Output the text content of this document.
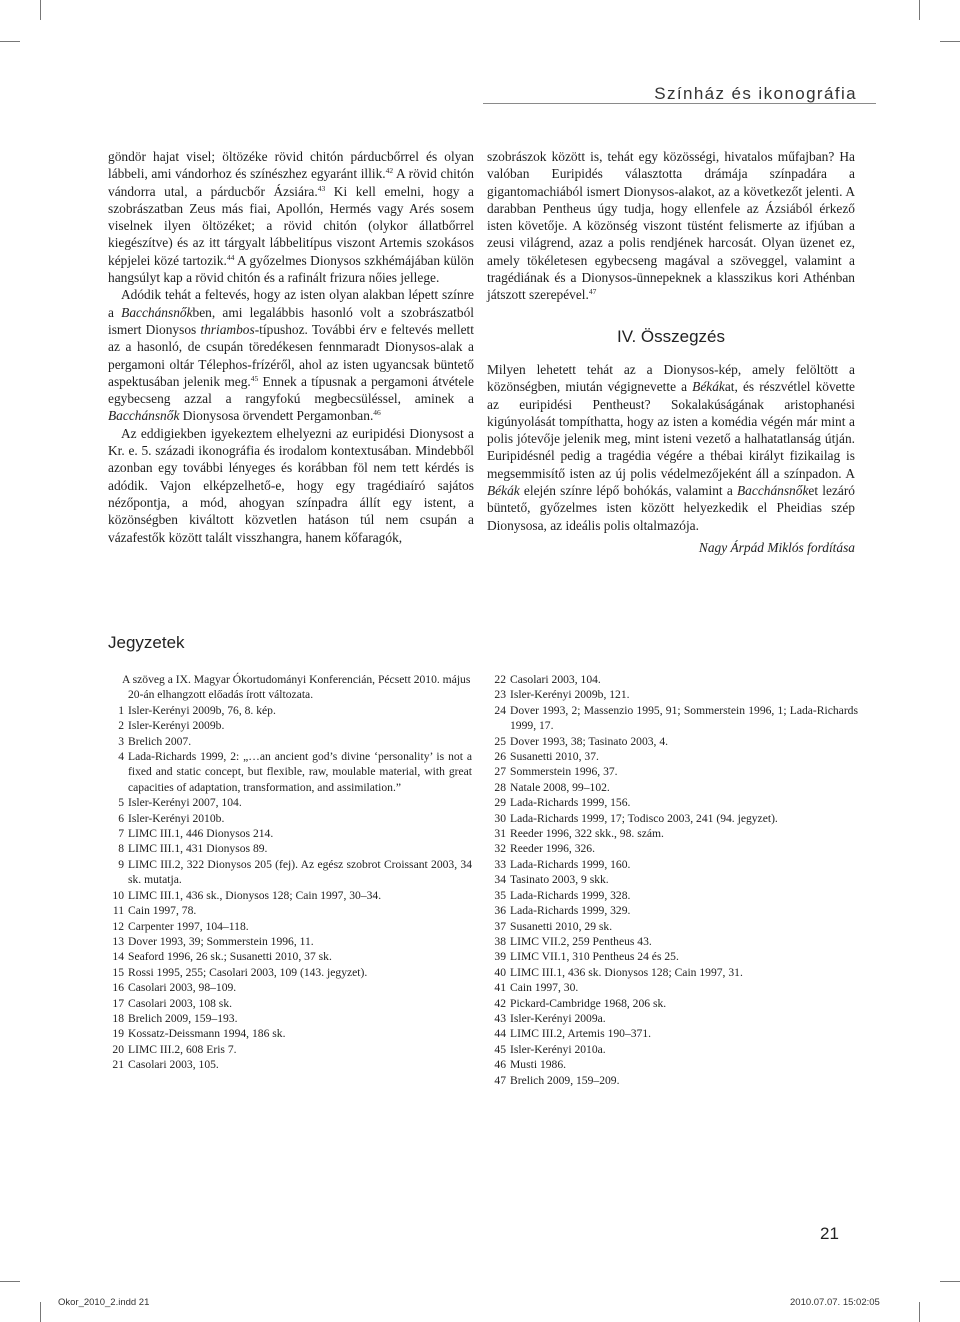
Színház és ikonográfia

göndör hajat visel; öltözéke rövid chitón párducbőrrel és olyan lábbeli, ami vándorhoz és színészhez egyaránt illik.$^{42}$ A rövid chitón vándorra utal, a párducbőr Ázsiára.$^{43}$ Ki kell emelni, hogy a szobrászatban Zeus más fiai, Apollón, Hermés vagy Arés sosem viselnek ilyen öltözéket; a rövid chitón (olykor állatbőrrel kiegészítve) és az itt tárgyalt lábbelitípus viszont Artemis szokásos képjelei közé tartozik.$^{44}$ A győzelmes Dionysos szkhémájában külön hangsúlyt kap a rövid chitón és a rafinált frizura nőies jellege.

Adódik tehát a feltevés, hogy az isten olyan alakban lépett színre a Bacchánsnőkben, ami legalábbis hasonló volt a szobrászatból ismert Dionysos thriambos-típushoz. További érv e feltevés mellett az a hasonló, de csupán töredékesen fennmaradt Dionysos-alak a pergamoni oltár Télephos-frízéről, ahol az isten ugyancsak büntető aspektusában jelenik meg.$^{45}$ Ennek a típusnak a pergamoni átvétele egybecseng azzal a rangyfokú megbecsüléssel, aminek a Bacchánsnők Dionysosa örvendett Pergamonban.$^{46}$

Az eddigiekben igyekeztem elhelyezni az euripidési Dionysost a Kr. e. 5. századi ikonográfia és irodalom kontextusában. Mindebből azonban egy további lényeges és korábban föl nem tett kérdés is adódik. Vajon elképzelhető-e, hogy egy tragédiaíró sajátos nézőpontja, a mód, ahogyan színpadra állít egy istent, a közönségben kiváltott közvetlen hatáson túl nem csupán a vázafestők között talált visszhangra, hanem kőfaragók,

szobrászok között is, tehát egy közösségi, hivatalos műfajban? Ha valóban Euripidés választotta drámája színpadára a gigantomachiából ismert Dionysos-alakot, az a következőt jelenti. A darabban Pentheus úgy tudja, hogy ellenfele az Ázsiából érkező isten követője. A közönség viszont tüstént felismerte az ifjúban a zeusi világrend, azaz a polis rendjének harcosát. Olyan üzenet ez, amely tökéletesen egybecseng magával a szöveggel, valamint a tragédiának és a Dionysos-ünnepeknek a klasszikus kori Athénban játszott szerepével.$^{47}$

IV. Összegzés

Milyen lehetett tehát az a Dionysos-kép, amely felöltött a közönségben, miután végignevette a Békákat, és részvétlel követte az euripidési Pentheust? Sokalakúságának aristophanési kigúnyolását tompíthatta, hogy az isten a komédia végén már mint a polis jótevője jelenik meg, mint isteni vezető a halhatatlanság útján. Euripidésnél pedig a tragédia végére a thébai királyt fizikailag is megsemmisítő isten az új polis védelmezőjeként áll a színpadon. A Békák elején színre lépő bohókás, valamint a Bacchánsnőket lezáró büntető, győzelmes isten között helyezkedik el Pheidias szép Dionysosa, az ideális polis oltalmazója.

Nagy Árpád Miklós fordítása
Jegyzetek
A szöveg a IX. Magyar Ókortudományi Konferencián, Pécsett 2010. május 20-án elhangzott előadás írott változata.
1 Isler-Kerényi 2009b, 76, 8. kép.
2 Isler-Kerényi 2009b.
3 Brelich 2007.
4 Lada-Richards 1999, 2: „…an ancient god’s divine ‘personality’ is not a fixed and static concept, but flexible, raw, moulable material, with great capacities of adaptation, transformation, and assimilation.”
5 Isler-Kerényi 2007, 104.
6 Isler-Kerényi 2010b.
7 LIMC III.1, 446 Dionysos 214.
8 LIMC III.1, 431 Dionysos 89.
9 LIMC III.2, 322 Dionysos 205 (fej). Az egész szobrot Croissant 2003, 34 sk. mutatja.
10 LIMC III.1, 436 sk., Dionysos 128; Cain 1997, 30–34.
11 Cain 1997, 78.
12 Carpenter 1997, 104–118.
13 Dover 1993, 39; Sommerstein 1996, 11.
14 Seaford 1996, 26 sk.; Susanetti 2010, 37 sk.
15 Rossi 1995, 255; Casolari 2003, 109 (143. jegyzet).
16 Casolari 2003, 98–109.
17 Casolari 2003, 108 sk.
18 Brelich 2009, 159–193.
19 Kossatz-Deissmann 1994, 186 sk.
20 LIMC III.2, 608 Eris 7.
21 Casolari 2003, 105.
22 Casolari 2003, 104.
23 Isler-Kerényi 2009b, 121.
24 Dover 1993, 2; Massenzio 1995, 91; Sommerstein 1996, 1; Lada-Richards 1999, 17.
25 Dover 1993, 38; Tasinato 2003, 4.
26 Susanetti 2010, 37.
27 Sommerstein 1996, 37.
28 Natale 2008, 99–102.
29 Lada-Richards 1999, 156.
30 Lada-Richards 1999, 17; Todisco 2003, 241 (94. jegyzet).
31 Reeder 1996, 322 skk., 98. szám.
32 Reeder 1996, 326.
33 Lada-Richards 1999, 160.
34 Tasinato 2003, 9 skk.
35 Lada-Richards 1999, 328.
36 Lada-Richards 1999, 329.
37 Susanetti 2010, 29 sk.
38 LIMC VII.2, 259 Pentheus 43.
39 LIMC VII.1, 310 Pentheus 24 és 25.
40 LIMC III.1, 436 sk. Dionysos 128; Cain 1997, 31.
41 Cain 1997, 30.
42 Pickard-Cambridge 1968, 206 sk.
43 Isler-Kerényi 2009a.
44 LIMC III.2, Artemis 190–371.
45 Isler-Kerényi 2010a.
46 Musti 1986.
47 Brelich 2009, 159–209.
21
Okor_2010_2.indd 21	2010.07.07. 15:02:05
